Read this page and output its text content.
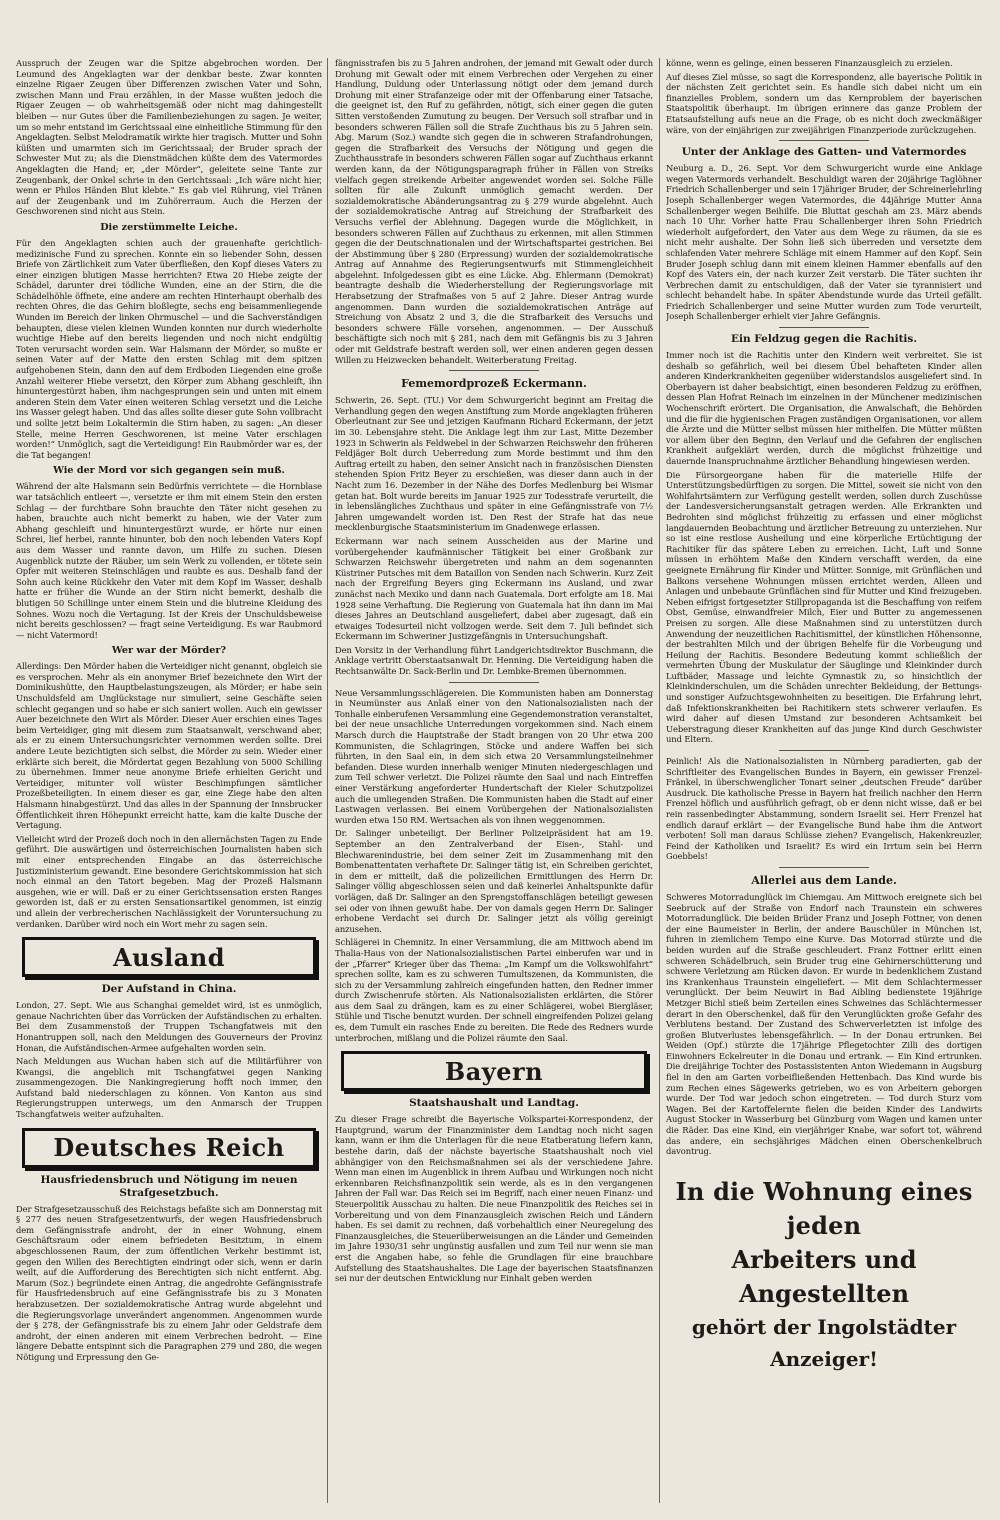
Ausspruch der Zeugen war die Spitze abgebrochen worden. Der Leumund des Angeklagten war der denkbar beste. Zwar konnten einzelne Rigaer Zeugen über Differenzen zwischen Vater und Sohn, zwischen Mann und Frau erzählen, in der Masse wußten jedoch die Rigaer Zeugen — ob wahrheitsgemäß oder nicht mag dahingestellt bleiben — nur Gutes über die Familienbeziehungen zu sagen. Je weiter, um so mehr entstand im Gerichtssaal eine einheitliche Stimmung für den Angeklagten. Selbst Melodramatik wirkte hier tragisch. Mutter und Sohn küßten und umarmten sich im Gerichtssaal; der Bruder sprach der Schwester Mut zu; als die Dienstmädchen küßte dem des Vatermordes Angeklagten die Hand; er, „der Mörder“, geleitete seine Tante zur Zeugenbank, der Onkel schrie in den Gerichtssaal: „Ich wäre nicht hier, wenn er Philos Händen Blut klebte.“ Es gab viel Rührung, viel Tränen auf der Zeugenbank und im Zuhörerraum. Auch die Herzen der Geschworenen sind nicht aus Stein.

Die zerstümmelte Leiche.

Für den Angeklagten schien auch der grauenhafte gerichtlich-medizinische Fund zu sprechen. Konnte ein so liebender Sohn, dessen Briefe von Zärtlichkeit zum Vater überfließen, den Kopf dieses Vaters zu einer einzigen blutigen Masse herrichten? Etwa 20 Hiebe zeigte der Schädel, darunter drei tödliche Wunden, eine an der Stirn, die die Schädelhöhle öffnete, eine andere am rechten Hinterhaupt oberhalb des rechten Ohres, die das Gehirn bloßlegte, sechs eng beisammenliegende Wunden im Bereich der linken Ohrmuschel — und die Sachverständigen behaupten, diese vielen kleinen Wunden konnten nur durch wiederholte wuchtige Hiebe auf den bereits liegenden und noch nicht endgültig Toten verursacht worden sein. War Halsmann der Mörder, so mußte er seinen Vater auf der Matte den ersten Schlag mit dem spitzen aufgehobenen Stein, dann den auf dem Erdboden Liegenden eine große Anzahl weiterer Hiebe versetzt, den Körper zum Abhang geschleift, ihn hinuntergestürzt haben, ihm nachgesprungen sein und unten mit einem anderen Stein dem Vater einen weiteren Schlag versetzt und die Leiche ins Wasser gelegt haben. Und das alles sollte dieser gute Sohn vollbracht und sollte jetzt beim Lokaltermin die Stirn haben, zu sagen: „An dieser Stelle, meine Herren Geschworenen, ist meine Vater erschlagen worden!“ Unmöglich, sagt die Verteidigung! Ein Raubmörder war es, der die Tat begangen!

Wie der Mord vor sich gegangen sein muß.

Während der alte Halsmann sein Bedürfnis verrichtete — die Hornblase war tatsächlich entleert —, versetzte er ihm mit einem Stein den ersten Schlag — der furchtbare Sohn brauchte den Täter nicht gesehen zu haben, brauchte auch nicht bemerkt zu haben, wie der Vater zum Abhang geschleift und hinuntergestürzt wurde, er hörte nur einen Schrei, lief herbei, rannte hinunter, bob den noch lebenden Vaters Kopf aus dem Wasser und rannte davon, um Hilfe zu suchen. Diesen Augenblick nutzte der Räuber, um sein Werk zu vollenden, er tötete sein Opfer mit weiteren Steinschlägen und raubte es aus. Deshalb fand der Sohn auch keine Rückkehr den Vater mit dem Kopf im Wasser, deshalb hatte er früher die Wunde an der Stirn nicht bemerkt, deshalb die blutigen 50 Schillinge unter einem Stein und die blutreine Kleidung des Sohnes. Wozu noch die Vertagung. Ist der Kreis der Unschuldsbeweise nicht bereits geschlossen? — fragt seine Verteidigung. Es war Raubmord — nicht Vatermord!

Wer war der Mörder?

Allerdings: Den Mörder haben die Verteidiger nicht genannt, obgleich sie es versprochen. Mehr als ein anonymer Brief bezeichnete den Wirt der Dominikushütte, den Hauptbelastungszeugen, als Mörder; er habe sein Unschuldsfeld am Unglückstage nur simuliert, seine Geschäfte seien schlecht gegangen und so habe er sich saniert wollen. Auch ein gewisser Auer bezeichnete den Wirt als Mörder. Dieser Auer erschien eines Tages beim Verteidiger, ging mit diesem zum Staatsanwalt, verschwand aber, als er zu einem Untersuchungsrichter vernommen werden sollte. Drei andere Leute bezichtigten sich selbst, die Mörder zu sein. Wieder einer erklärte sich bereit, die Mördertat gegen Bezahlung von 5000 Schilling zu übernehmen. Immer neue anonyme Briefe erhielten Gericht und Verteidiger, mitunter voll wüster Beschimpfungen sämtlicher Prozeßbeteiligten. In einem dieser es gar, eine Ziege habe den alten Halsmann hinabgestürzt. Und das alles in der Spannung der Innsbrucker Öffentlichkeit ihren Höhepunkt erreicht hatte, kam die kalte Dusche der Vertagung.

Vielleicht wird der Prozeß doch noch in den allernächsten Tagen zu Ende geführt. Die auswärtigen und österreichischen Journalisten haben sich mit einer entsprechenden Eingabe an das österreichische Justizministerium gewandt. Eine besondere Gerichtskommission hat sich noch einmal an den Tatort begeben. Mag der Prozeß Halsmann ausgehen, wie er will. Daß er zu einer Gerichtssensation ersten Ranges geworden ist, daß er zu ersten Sensationsartikel genommen, ist einzig und allein der verbrecherischen Nachlässigkeit der Voruntersuchung zu verdanken. Darüber wird noch ein Wort mehr zu sagen sein.

Ausland
Der Aufstand in China.

London, 27. Sept. Wie aus Schanghai gemeldet wird, ist es unmöglich, genaue Nachrichten über das Vorrücken der Aufständischen zu erhalten. Bei dem Zusammenstoß der Truppen Tschangfatweis mit den Honantruppen soll, nach den Meldungen des Gouverneurs der Provinz Honan, die Aufständischen-Armee aufgehalten worden sein.

Nach Meldungen aus Wuchan haben sich auf die Militärführer von Kwangsi, die angeblich mit Tschangfatwei gegen Nanking zusammengezogen. Die Nankingregierung hofft noch immer, den Aufstand bald niederschlagen zu können. Von Kanton aus sind Regierungstruppen unterwegs, um den Anmarsch der Truppen Tschangfatweis weiter aufzuhalten.

Deutsches Reich
Hausfriedensbruch und Nötigung im neuen Strafgesetzbuch.

Der Strafgesetzausschuß des Reichstags befaßte sich am Donnerstag mit § 277 des neuen Strafgesetzentwurfs, der wegen Hausfriedensbruch dem Gefängnisstrafe androht, der in einer Wohnung, einem Geschäftsraum oder einem befriedeten Besitztum, in einem abgeschlossenen Raum, der zum öffentlichen Verkehr bestimmt ist, gegen den Willen des Berechtigten eindringt oder sich, wenn er darin weilt, auf die Aufforderung des Berechtigten sich nicht entfernt. Abg. Marum (Soz.) begründete einen Antrag, die angedrohte Gefängnisstrafe für Hausfriedensbruch auf eine Gefängnisstrafe bis zu 3 Monaten herabzusetzen. Der sozialdemokratische Antrag wurde abgelehnt und die Regierungsvorlage unverändert angenommen. Angenommen wurde der § 278, der Gefängnisstrafe bis zu einem Jahr oder Geldstrafe dem androht, der einen anderen mit einem Verbrechen bedroht. — Eine längere Debatte entspinnt sich die Paragraphen 279 und 280, die wegen Nötigung und Erpressung den Ge-

fängnisstrafen bis zu 5 Jahren androhen, der jemand mit Gewalt oder durch Drohung mit Gewalt oder mit einem Verbrechen oder Vergehen zu einer Handlung, Duldung oder Unterlassung nötigt oder dem jemand durch Drohung mit einer Strafanzeige oder mit der Offenbarung einer Tatsache, die geeignet ist, den Ruf zu gefährden, nötigt, sich einer gegen die guten Sitten verstoßenden Zumutung zu beugen. Der Versuch soll strafbar und in besonders schweren Fällen soll die Strafe Zuchthaus bis zu 5 Jahren sein. Abg. Marum (Soz.) wandte sich gegen die in schweren Strafandrohungen, gegen die Strafbarkeit des Versuchs der Nötigung und gegen die Zuchthausstrafe in besonders schweren Fällen sogar auf Zuchthaus erkannt werden kann, da der Nötigungsparagraph früher in Fällen von Streiks vielfach gegen streikende Arbeiter angewendet worden sei. Solche Fälle sollten für alle Zukunft unmöglich gemacht werden. Der sozialdemokratische Abänderungsantrag zu § 279 wurde abgelehnt. Auch der sozialdemokratische Antrag auf Streichung der Strafbarkeit des Versuchs verfiel der Ablehnung. Dagegen wurde die Möglichkeit, in besonders schweren Fällen auf Zuchthaus zu erkennen, mit allen Stimmen gegen die der Deutschnationalen und der Wirtschaftspartei gestrichen. Bei der Abstimmung über § 280 (Erpressung) wurden der sozialdemokratische Antrag auf Annahme des Regierungsentwurfs mit Stimmengleichheit abgelehnt. Infolgedessen gibt es eine Lücke. Abg. Ehlermann (Demokrat) beantragte deshalb die Wiederherstellung der Regierungsvorlage mit Herabsetzung der Strafmaßes von 5 auf 2 Jahre. Dieser Antrag wurde angenommen. Dann wurden die sozialdemokratischen Anträge auf Streichung von Absatz 2 und 3, die die Strafbarkeit des Versuchs und besonders schwere Fälle vorsehen, angenommen. — Der Ausschuß beschäftigte sich noch mit § 281, nach dem mit Gefängnis bis zu 3 Jahren oder mit Geldstrafe bestraft werden soll, wer einen anderen gegen dessen Willen zu Heizwecken behandelt. Weiterberatung Freitag.

Fememordprozeß Eckermann.

Schwerin, 26. Sept. (TU.) Vor dem Schwurgericht beginnt am Freitag die Verhandlung gegen den wegen Anstiftung zum Morde angeklagten früheren Oberleutnant zur See und jetzigen Kaufmann Richard Eckermann, der jetzt im 30. Lebensjahre steht. Die Anklage legt ihm zur Last, Mitte Dezember 1923 in Schwerin als Feldwebel in der Schwarzen Reichswehr den früheren Feldjäger Bolt durch Ueberredung zum Morde bestimmt und ihm den Auftrag erteilt zu haben, den seiner Ansicht nach in französischen Diensten stehenden Spion Fritz Beyer zu erschießen, was dieser dann auch in der Nacht zum 16. Dezember in der Nähe des Dorfes Medlenburg bei Wismar getan hat. Bolt wurde bereits im Januar 1925 zur Todesstrafe verurteilt, die in lebenslängliches Zuchthaus und später in eine Gefängnisstrafe von 7½ Jahren umgewandelt worden ist. Den Rest der Strafe hat das neue mecklenburgische Staatsministerium im Gnadenwege erlassen.

Eckermann war nach seinem Ausscheiden aus der Marine und vorübergehender kaufmännischer Tätigkeit bei einer Großbank zur Schwarzen Reichswehr übergetreten und nahm an dem sogenannten Küstriner Putsches mit dem Bataillon von Senden nach Schwerin. Kurz Zeit nach der Ergreifung Beyers ging Eckermann ins Ausland, und zwar zunächst nach Mexiko und dann nach Guatemala. Dort erfolgte am 18. Mai 1928 seine Verhaftung. Die Regierung von Guatemala hat ihn dann im Mai dieses Jahres an Deutschland ausgeliefert, dabei aber zugesagt, daß ein etwaiges Todesurteil nicht vollzogen werde. Seit dem 7. Juli befindet sich Eckermann im Schweriner Justizgefängnis in Untersuchungshaft.

Den Vorsitz in der Verhandlung führt Landgerichtsdirektor Buschmann, die Anklage vertritt Oberstaatsanwalt Dr. Henning. Die Verteidigung haben die Rechtsanwälte Dr. Sack-Berlin und Dr. Lembke-Bremen übernommen.

Neue Versammlungsschlägereien. Die Kommunisten haben am Donnerstag in Neumünster aus Anlaß einer von den Nationalsozialisten nach der Tonhalle einberufenen Versammlung eine Gegendemonstration veranstaltet, bei der neue unsachliche Unterredungen vorgekommen sind. Nach einem Marsch durch die Hauptstraße der Stadt brangen von 20 Uhr etwa 200 Kommunisten, die Schlagringen, Stöcke und andere Waffen bei sich führten, in den Saal ein, in dem sich etwa 20 Versammlungsteilnehmer befanden. Diese wurden innerhalb weniger Minuten niedergeschlagen und zum Teil schwer verletzt. Die Polizei räumte den Saal und nach Eintreffen einer Verstärkung angeforderter Hundertschaft der Kieler Schutzpolizei auch die umliegenden Straßen. Die Kommunisten haben die Stadt auf einer Lastwagen verlassen. Bei einem Vorübergehen der Nationalsozialisten wurden etwa 150 RM. Wertsachen als von ihnen weggenommen.

Dr. Salinger unbeteiligt. Der Berliner Polizeipräsident hat am 19. September an den Zentralverband der Eisen-, Stahl- und Blechwarenindustrie, bei dem seiner Zeit im Zusammenhang mit den Bombenattentaten verhaftete Dr. Salinger tätig ist, ein Schreiben gerichtet, in dem er mitteilt, daß die polizeilichen Ermittlungen des Herrn Dr. Salinger völlig abgeschlossen seien und daß keinerlei Anhaltspunkte dafür vorlägen, daß Dr. Salinger an den Sprengstoffanschlägen beteiligt gewesen sei oder von ihnen gewußt habe. Der von damals gegen Herrn Dr. Salinger erhobene Verdacht sei durch Dr. Salinger jetzt als völlig gereinigt anzusehen.

Schlägerei in Chemnitz. In einer Versammlung, die am Mittwoch abend im Thalia-Haus von der Nationalsozialistischen Partei einberufen war und in der „Pfarrer“ Krieger über das Thema: „Im Kampf um die Volkswohlfahrt“ sprechen sollte, kam es zu schweren Tumultszenen, da Kommunisten, die sich zu der Versammlung zahlreich eingefunden hatten, den Redner immer durch Zwischenrufe störten. Als Nationalsozialisten erklärten, die Störer aus dem Saal zu drängen, kam es zu einer Schlägerei, wobei Biergläser, Stühle und Tische benutzt wurden. Der schnell eingreifenden Polizei gelang es, dem Tumult ein rasches Ende zu bereiten. Die Rede des Redners wurde unterbrochen, mißlang und die Polizei räumte den Saal.

Bayern
Staatshaushalt und Landtag.

Zu dieser Frage schreibt die Bayerische Volkspartei-Korrespondenz, der Hauptgrund, warum der Finanzminister dem Landtag noch nicht sagen kann, wann er ihm die Unterlagen für die neue Etatberatung liefern kann, bestehe darin, daß der nächste bayerische Staatshaushalt noch viel abhängiger von den Reichsmaßnahmen sei als der verschiedene Jahre. Wenn man einen im Augenblick in ihrem Aufbau und Wirkungen noch nicht erkennbaren Reichsfinanzpolitik sein werde, als es in den vergangenen Jahren der Fall war. Das Reich sei im Begriff, nach einer neuen Finanz- und Steuerpolitik Ausschau zu halten. Die neue Finanzpolitik des Reiches sei in Vorbereitung und von dem Finanzausgleich zwischen Reich und Ländern haben. Es sei damit zu rechnen, daß vorbehaltlich einer Neuregelung des Finanzausgleiches, die Steuerüberweisungen an die Länder und Gemeinden im Jahre 1930/31 sehr ungünstig ausfallen und zum Teil nur wenn sie man erst die Angaben habe, so fehle die Grundlagen für eine brauchbare Aufstellung des Staatshaushaltes. Die Lage der bayerischen Staatsfinanzen sei nur der deutschen Entwicklung nur Einhalt geben werden

könne, wenn es gelinge, einen besseren Finanzausgleich zu erzielen.

Auf dieses Ziel müsse, so sagt die Korrespondenz, alle bayerische Politik in der nächsten Zeit gerichtet sein. Es handle sich dabei nicht um ein finanzielles Problem, sondern um das Kernproblem der bayerischen Staatspolitik überhaupt. Im übrigen erinnere das ganze Problem der Etatsaufstellung aufs neue an die Frage, ob es nicht doch zweckmäßiger wäre, von der einjährigen zur zweijährigen Finanzperiode zurückzugehen.

Unter der Anklage des Gatten- und Vatermordes

Neuburg a. D., 26. Sept. Vor dem Schwurgericht wurde eine Anklage wegen Vatermords verhandelt. Beschuldigt waren der 20jährige Taglöhner Friedrich Schallenberger und sein 17jähriger Bruder, der Schreinerlehrling Joseph Schallenberger wegen Vatermordes, die 44jährige Mutter Anna Schallenberger wegen Beihilfe. Die Bluttat geschah am 23. März abends nach 10 Uhr. Vorher hatte Frau Schallenberger ihren Sohn Friedrich wiederholt aufgefordert, den Vater aus dem Wege zu räumen, da sie es nicht mehr aushalte. Der Sohn ließ sich überreden und versetzte dem schlafenden Vater mehrere Schläge mit einem Hammer auf den Kopf. Sein Bruder Joseph schlug dann mit einem kleinen Hammer ebenfalls auf den Kopf des Vaters ein, der nach kurzer Zeit verstarb. Die Täter suchten ihr Verbrechen damit zu entschuldigen, daß der Vater sie tyrannisiert und schlecht behandelt habe. In später Abendstunde wurde das Urteil gefällt. Friedrich Schallenberger und seine Mutter wurden zum Tode verurteilt, Joseph Schallenberger erhielt vier Jahre Gefängnis.

Ein Feldzug gegen die Rachitis.

Immer noch ist die Rachitis unter den Kindern weit verbreitet. Sie ist deshalb so gefährlich, weil bei diesem Übel behafteten Kinder allen anderen Kinderkrankheiten gegenüber widerstandslos ausgeliefert sind. In Oberbayern ist daher beabsichtigt, einen besonderen Feldzug zu eröffnen, dessen Plan Hofrat Reinach im einzelnen in der Münchener medizinischen Wochenschrift erörtert. Die Organisation, die Anwalschaft, die Behörden und die für die hygienischen Fragen zuständigen Organisationen, vor allem die Ärzte und die Mütter selbst müssen hier mithelfen. Die Mütter müßten vor allem über den Beginn, den Verlauf und die Gefahren der englischen Krankheit aufgeklärt werden, durch die möglichst frühzeitige und dauernde Inanspruchnahme ärztlicher Behandlung hingewiesen werden.

Die Fürsorgeorgane haben für die materielle Hilfe der Unterstützungsbedürftigen zu sorgen. Die Mittel, soweit sie nicht von den Wohlfahrtsämtern zur Verfügung gestellt werden, sollen durch Zuschüsse der Landesversicherungsanstalt getragen werden. Alle Erkrankten und Bedrohten sind möglichst frühzeitig zu erfassen und einer möglichst langdauernden Beobachtung und ärztlicher Betreuung zu unterziehen. Nur so ist eine restlose Ausheilung und eine körperliche Ertüchtigung der Rachitiker für das spätere Leben zu erreichen. Licht, Luft und Sonne müssen in erhöhtem Maße den Kindern verschafft werden, da eine geeignete Ernährung für Kinder und Mütter. Sonnige, mit Grünflächen und Balkons versehene Wohnungen müssen errichtet werden, Alleen und Anlagen und unbebaute Grünflächen sind für Mutter und Kind freizugeben. Neben eifrigst fortgesetzter Stillpropaganda ist die Beschaffung von reifem Obst, Gemüse, einwandfreier Milch, Eier und Butter zu angemessenen Preisen zu sorgen. Alle diese Maßnahmen sind zu unterstützen durch Anwendung der neuzeitlichen Rachitismittel, der künstlichen Höhensonne, der bestrahlten Milch und der übrigen Behelfe für die Vorbeugung und Heilung der Rachitis. Besondere Bedeutung kommt schließlich der vermehrten Übung der Muskulatur der Säuglinge und Kleinkinder durch Luftbäder, Massage und leichte Gymnastik zu, so hinsichtlich der Kleinkinderschulen, um die Schäden unrechter Bekleidung, der Bettungs- und sonstiger Aufzuchtsgewohnheiten zu beseitigen. Die Erfahrung lehrt, daß Infektionskrankheiten bei Rachitikern stets schwerer verlaufen. Es wird daher auf diesen Umstand zur besonderen Achtsamkeit bei Ueberstragung dieser Krankheiten auf das junge Kind durch Geschwister und Eltern.

Peinlich! Als die Nationalsozialisten in Nürnberg paradierten, gab der Schriftleiter des Evangelischen Bundes in Bayern, ein gewisser Frenzel-Fränkel, in überschwenglicher Tonart seiner „deutschen Freude“ darüber Ausdruck. Die katholische Presse in Bayern hat freilich nachher den Herrn Frenzel höflich und ausführlich gefragt, ob er denn nicht wisse, daß er bei rein rassenbedingter Abstammung, sondern Israelit sei. Herr Frenzel hat endlich darauf erklärt — der Evangelische Bund habe ihm die Antwort verboten! Soll man daraus Schlüsse ziehen? Evangelisch, Hakenkreuzler, Feind der Katholiken und Israelit? Es wird ein Irrtum sein bei Herrn Goebbels!

Allerlei aus dem Lande.

Schweres Motorradunglück im Chiemgau. Am Mittwoch ereignete sich bei Seebruck auf der Straße von Endorf nach Traunstein ein schweres Motorradunglück. Die beiden Brüder Franz und Joseph Fottner, von denen der eine Baumeister in Berlin, der andere Bauschüler in München ist, fuhren in ziemlichem Tempo eine Kurve. Das Motorrad stürzte und die beiden wurden auf die Straße geschleudert. Franz Fottner erlitt einen schweren Schädelbruch, sein Bruder trug eine Gehirnerschütterung und schwere Verletzung am Rücken davon. Er wurde in bedenklichem Zustand ins Krankenhaus Traunstein eingeliefert. — Mit dem Schlachtermesser verunglückt. Der beim Neuwirt in Bad Aibling bedienstete 19jährige Metzger Bichl stieß beim Zerteilen eines Schweines das Schlächtermesser derart in den Oberschenkel, daß für den Verunglückten große Gefahr des Verblutens bestand. Der Zustand des Schwerverletzten ist infolge des großen Blutverlustes lebensgefährlich. — In der Donau ertrunken. Bei Weiden (Opf.) stürzte die 17jährige Pflegetochter Zilli des dortigen Einwohners Eckelreuter in die Donau und ertrank. — Ein Kind ertrunken. Die dreijährige Tochter des Postassistenten Anton Wiedemann in Augsburg fiel in den am Garten vorbeifließenden Hettenbach. Das Kind wurde bis zum Rechen eines Sägewerks getrieben, wo es von Arbeitern geborgen wurde. Der Tod war jedoch schon eingetreten. — Tod durch Sturz vom Wagen. Bei der Kartoffelernte fielen die beiden Kinder des Landwirts August Stocker in Wasserburg bei Günzburg vom Wagen und kamen unter die Räder. Das eine Kind, ein vierjähriger Knabe, war sofort tot, während das andere, ein sechsjähriges Mädchen einen Oberschenkelbruch davontrug.

In die Wohnung eines jeden
Arbeiters und Angestellten
gehört der Ingolstädter Anzeiger!
